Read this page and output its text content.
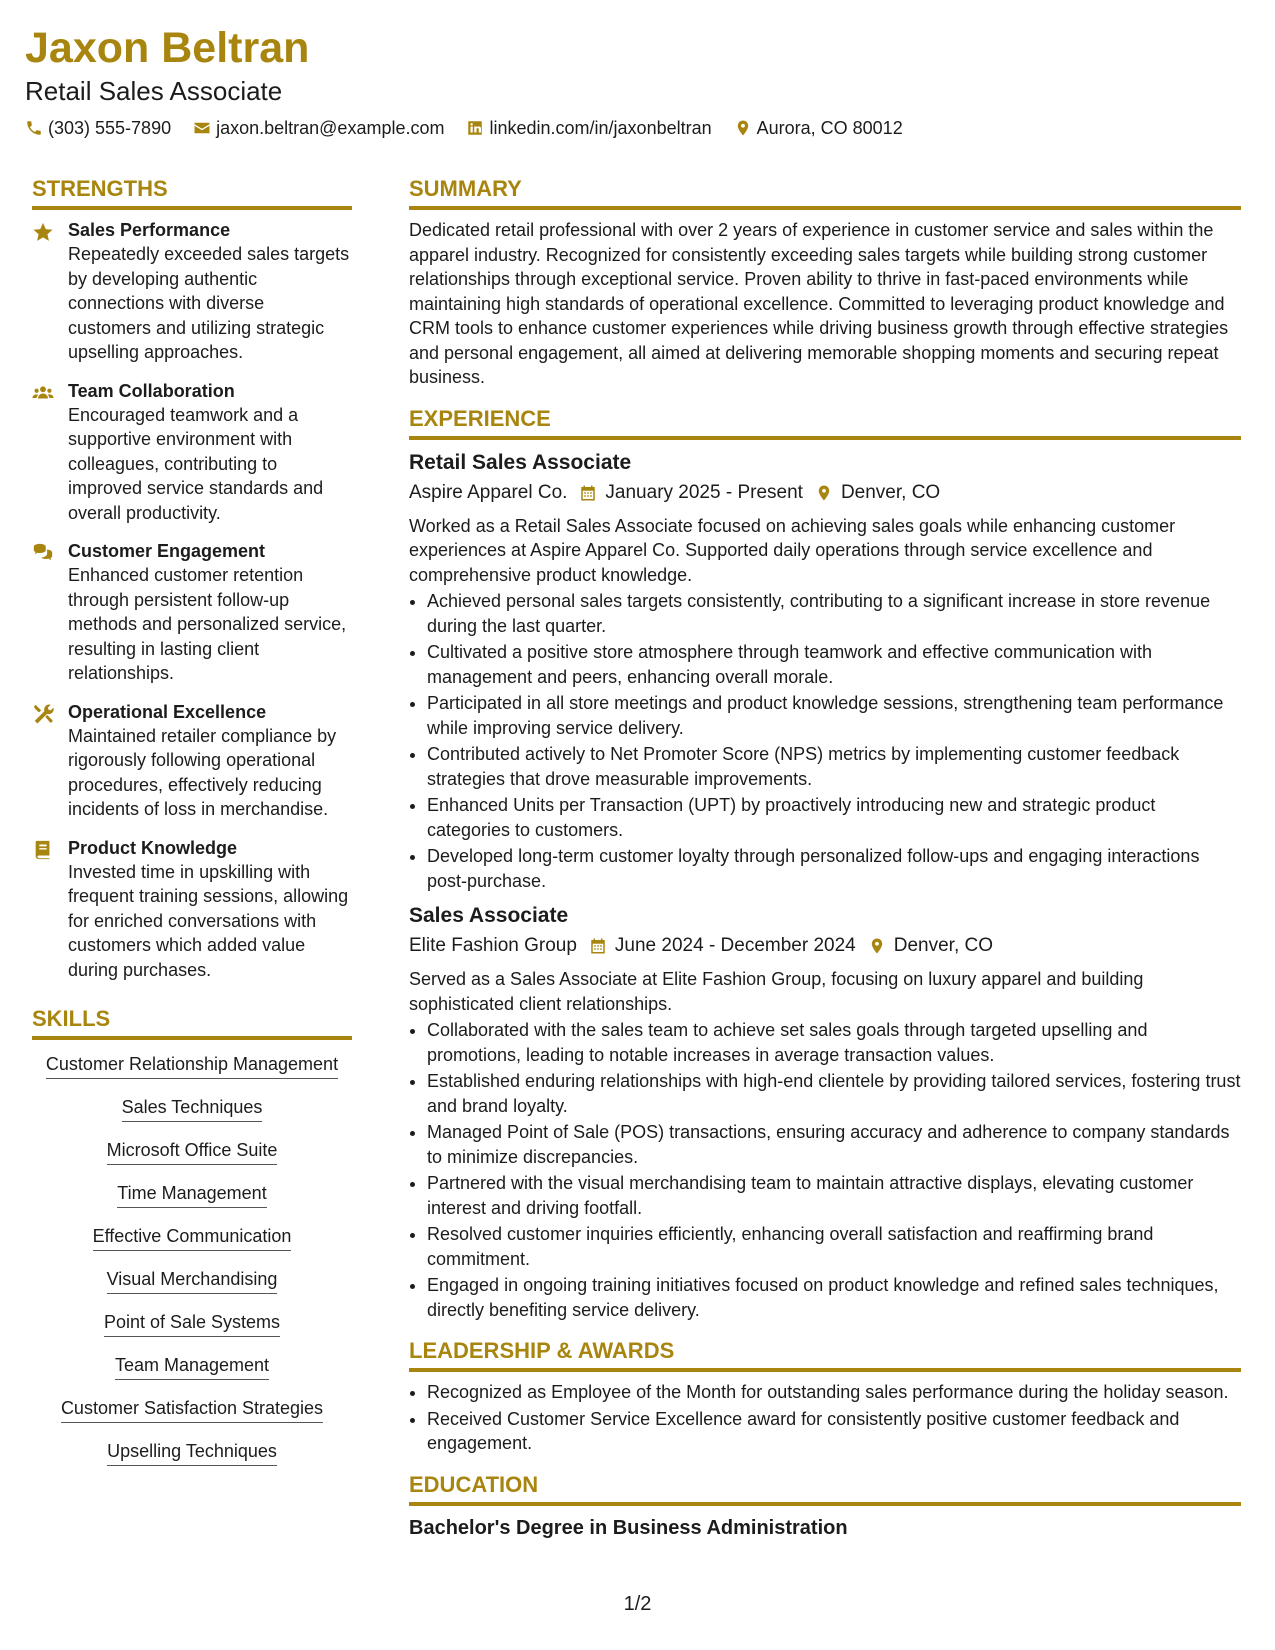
Jaxon Beltran
Retail Sales Associate
(303) 555-7890	jaxon.beltran@example.com	linkedin.com/in/jaxonbeltran	Aurora, CO 80012
STRENGTHS
Sales Performance
Repeatedly exceeded sales targets by developing authentic connections with diverse customers and utilizing strategic upselling approaches.
Team Collaboration
Encouraged teamwork and a supportive environment with colleagues, contributing to improved service standards and overall productivity.
Customer Engagement
Enhanced customer retention through persistent follow-up methods and personalized service, resulting in lasting client relationships.
Operational Excellence
Maintained retailer compliance by rigorously following operational procedures, effectively reducing incidents of loss in merchandise.
Product Knowledge
Invested time in upskilling with frequent training sessions, allowing for enriched conversations with customers which added value during purchases.
SKILLS
Customer Relationship Management
Sales Techniques
Microsoft Office Suite
Time Management
Effective Communication
Visual Merchandising
Point of Sale Systems
Team Management
Customer Satisfaction Strategies
Upselling Techniques
SUMMARY

Dedicated retail professional with over 2 years of experience in customer service and sales within the apparel industry. Recognized for consistently exceeding sales targets while building strong customer relationships through exceptional service. Proven ability to thrive in fast-paced environments while maintaining high standards of operational excellence. Committed to leveraging product knowledge and CRM tools to enhance customer experiences while driving business growth through effective strategies and personal engagement, all aimed at delivering memorable shopping moments and securing repeat business.

EXPERIENCE
Retail Sales Associate
Aspire Apparel Co. January 2025 - Present Denver, CO
Worked as a Retail Sales Associate focused on achieving sales goals while enhancing customer experiences at Aspire Apparel Co. Supported daily operations through service excellence and comprehensive product knowledge.
• Achieved personal sales targets consistently, contributing to a significant increase in store revenue during the last quarter.
• Cultivated a positive store atmosphere through teamwork and effective communication with management and peers, enhancing overall morale.
• Participated in all store meetings and product knowledge sessions, strengthening team performance while improving service delivery.
• Contributed actively to Net Promoter Score (NPS) metrics by implementing customer feedback strategies that drove measurable improvements.
• Enhanced Units per Transaction (UPT) by proactively introducing new and strategic product categories to customers.
• Developed long-term customer loyalty through personalized follow-ups and engaging interactions post-purchase.
Sales Associate
Elite Fashion Group June 2024 - December 2024 Denver, CO
Served as a Sales Associate at Elite Fashion Group, focusing on luxury apparel and building sophisticated client relationships.
• Collaborated with the sales team to achieve set sales goals through targeted upselling and promotions, leading to notable increases in average transaction values.
• Established enduring relationships with high-end clientele by providing tailored services, fostering trust and brand loyalty.
• Managed Point of Sale (POS) transactions, ensuring accuracy and adherence to company standards to minimize discrepancies.
• Partnered with the visual merchandising team to maintain attractive displays, elevating customer interest and driving footfall.
• Resolved customer inquiries efficiently, enhancing overall satisfaction and reaffirming brand commitment.
• Engaged in ongoing training initiatives focused on product knowledge and refined sales techniques, directly benefiting service delivery.
LEADERSHIP & AWARDS
• Recognized as Employee of the Month for outstanding sales performance during the holiday season.
• Received Customer Service Excellence award for consistently positive customer feedback and engagement.
EDUCATION
Bachelor's Degree in Business Administration
1/2
